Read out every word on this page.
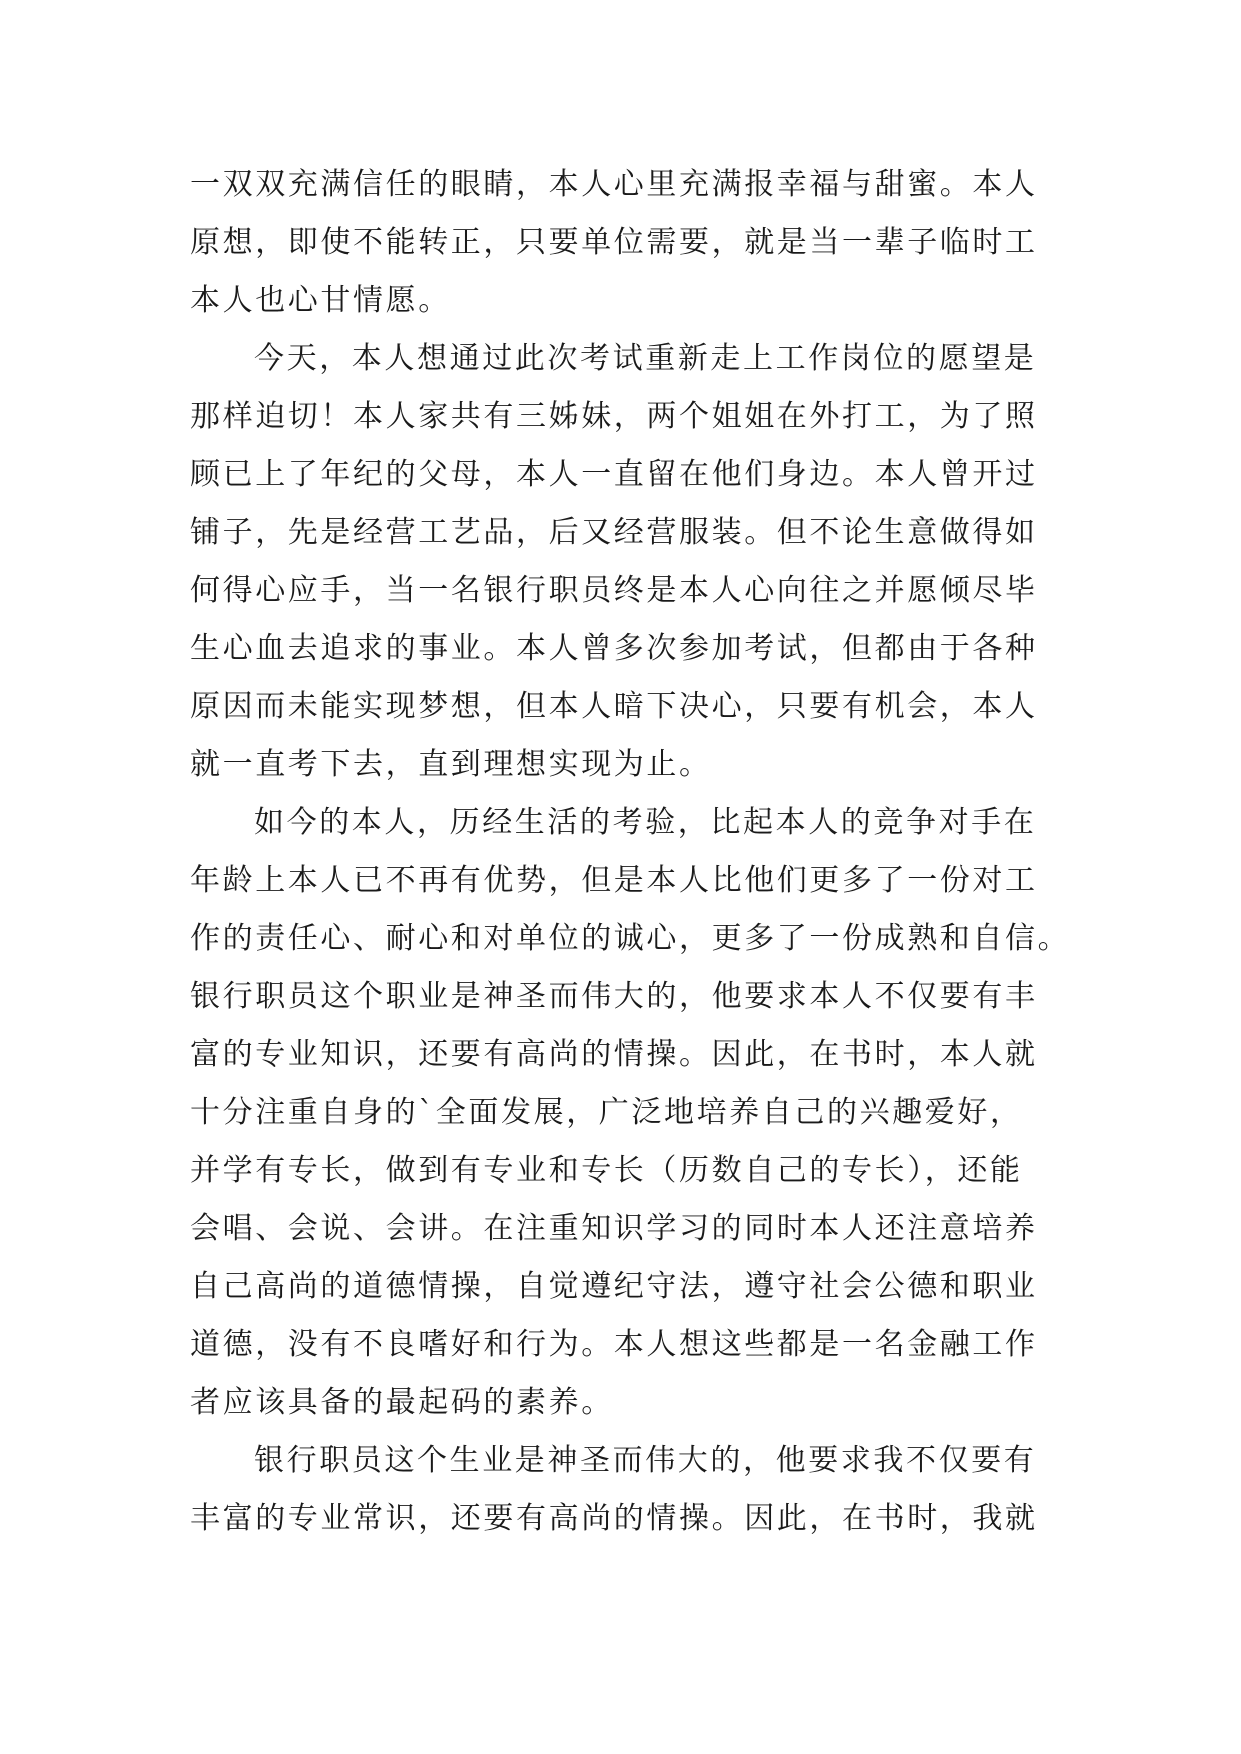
一双双充满信任的眼睛，本人心里充满报幸福与甜蜜。本人
原想，即使不能转正，只要单位需要，就是当一辈子临时工
本人也心甘情愿。
今天，本人想通过此次考试重新走上工作岗位的愿望是
那样迫切！本人家共有三姊妹，两个姐姐在外打工，为了照
顾已上了年纪的父母，本人一直留在他们身边。本人曾开过
铺子，先是经营工艺品，后又经营服装。但不论生意做得如
何得心应手，当一名银行职员终是本人心向往之并愿倾尽毕
生心血去追求的事业。本人曾多次参加考试，但都由于各种
原因而未能实现梦想，但本人暗下决心，只要有机会，本人
就一直考下去，直到理想实现为止。
如今的本人，历经生活的考验，比起本人的竞争对手在
年龄上本人已不再有优势，但是本人比他们更多了一份对工
作的责任心、耐心和对单位的诚心，更多了一份成熟和自信。
银行职员这个职业是神圣而伟大的，他要求本人不仅要有丰
富的专业知识，还要有高尚的情操。因此，在书时，本人就
十分注重自身的`全面发展，广泛地培养自己的兴趣爱好，
并学有专长，做到有专业和专长（历数自己的专长），还能
会唱、会说、会讲。在注重知识学习的同时本人还注意培养
自己高尚的道德情操，自觉遵纪守法，遵守社会公德和职业
道德，没有不良嗜好和行为。本人想这些都是一名金融工作
者应该具备的最起码的素养。
银行职员这个生业是神圣而伟大的，他要求我不仅要有
丰富的专业常识，还要有高尚的情操。因此，在书时，我就
